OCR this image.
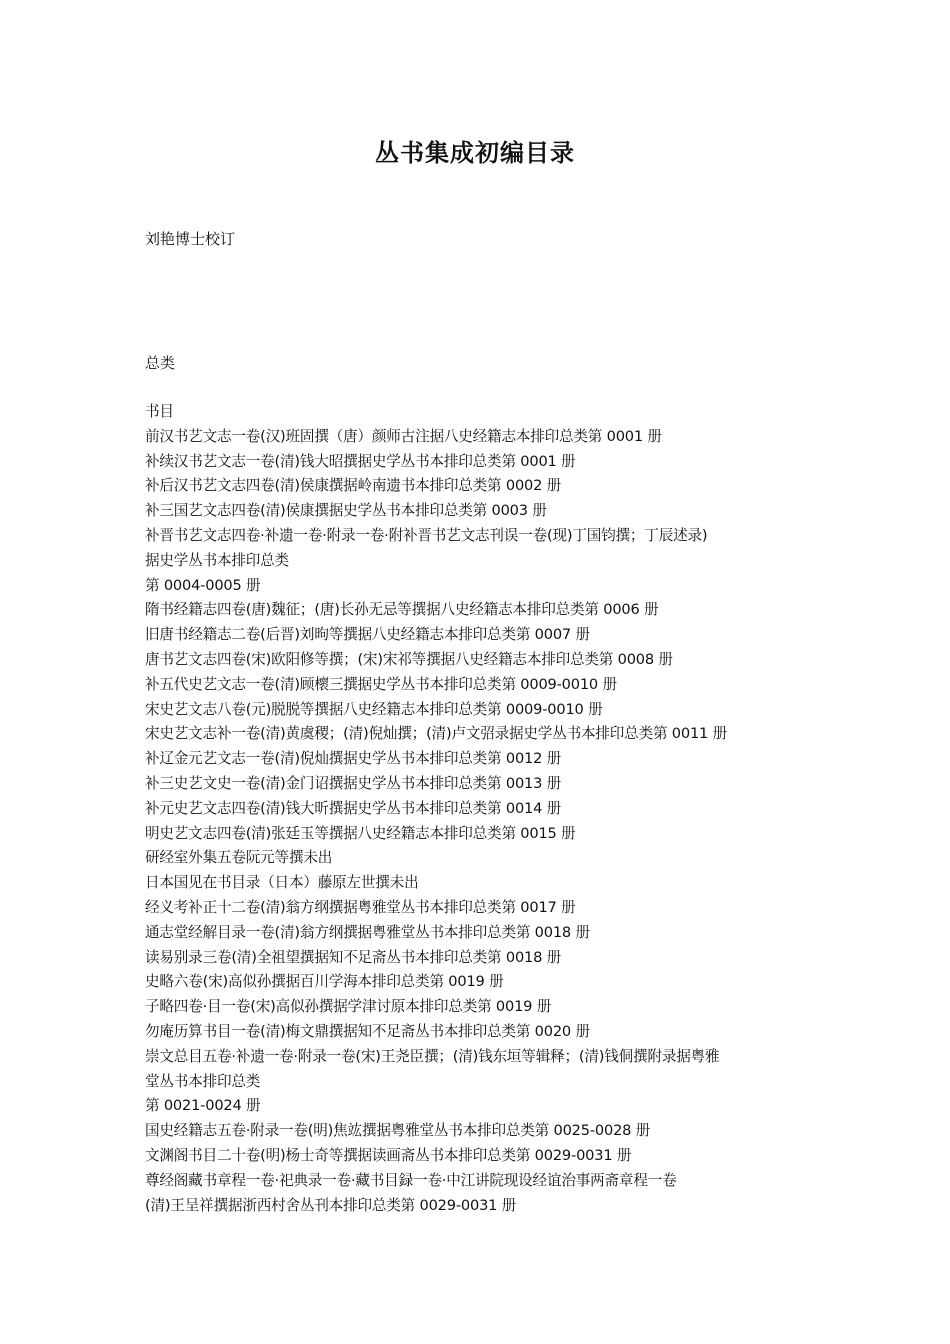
丛书集成初编目录
刘艳博士校订
总类
书目
前汉书艺文志一卷(汉)班固撰（唐）颜师古注据八史经籍志本排印总类第 0001 册
补续汉书艺文志一卷(清)钱大昭撰据史学丛书本排印总类第 0001 册
补后汉书艺文志四卷(清)侯康撰据岭南遗书本排印总类第 0002 册
补三国艺文志四卷(清)侯康撰据史学丛书本排印总类第 0003 册
补晋书艺文志四卷·补遗一卷·附录一卷·附补晋书艺文志刊误一卷(现)丁国钧撰；丁辰述录)
据史学丛书本排印总类
第 0004-0005 册
隋书经籍志四卷(唐)魏征；(唐)长孙无忌等撰据八史经籍志本排印总类第 0006 册
旧唐书经籍志二卷(后晋)刘昫等撰据八史经籍志本排印总类第 0007 册
唐书艺文志四卷(宋)欧阳修等撰；(宋)宋祁等撰据八史经籍志本排印总类第 0008 册
补五代史艺文志一卷(清)顾櫰三撰据史学丛书本排印总类第 0009-0010 册
宋史艺文志八卷(元)脱脱等撰据八史经籍志本排印总类第 0009-0010 册
宋史艺文志补一卷(清)黄虞稷；(清)倪灿撰；(清)卢文弨录据史学丛书本排印总类第 0011 册
补辽金元艺文志一卷(清)倪灿撰据史学丛书本排印总类第 0012 册
补三史艺文史一卷(清)金门诏撰据史学丛书本排印总类第 0013 册
补元史艺文志四卷(清)钱大昕撰据史学丛书本排印总类第 0014 册
明史艺文志四卷(清)张廷玉等撰据八史经籍志本排印总类第 0015 册
研经室外集五卷阮元等撰未出
日本国见在书目录（日本）藤原左世撰未出
经义考补正十二卷(清)翁方纲撰据粤雅堂丛书本排印总类第 0017 册
通志堂经解目录一卷(清)翁方纲撰据粤雅堂丛书本排印总类第 0018 册
读易别录三卷(清)全祖望撰据知不足斋丛书本排印总类第 0018 册
史略六卷(宋)高似孙撰据百川学海本排印总类第 0019 册
子略四卷·目一卷(宋)高似孙撰据学津讨原本排印总类第 0019 册
勿庵历算书目一卷(清)梅文鼎撰据知不足斋丛书本排印总类第 0020 册
崇文总目五卷·补遗一卷·附录一卷(宋)王尧臣撰；(清)钱东垣等辑释；(清)钱侗撰附录据粤雅
堂丛书本排印总类
第 0021-0024 册
国史经籍志五卷·附录一卷(明)焦竑撰据粤雅堂丛书本排印总类第 0025-0028 册
文渊阁书目二十卷(明)杨士奇等撰据读画斋丛书本排印总类第 0029-0031 册
尊经阁藏书章程一卷·祀典录一卷·藏书目録一卷·中江讲院现设经谊治事两斋章程一卷
(清)王呈祥撰据浙西村舍丛刊本排印总类第 0029-0031 册
